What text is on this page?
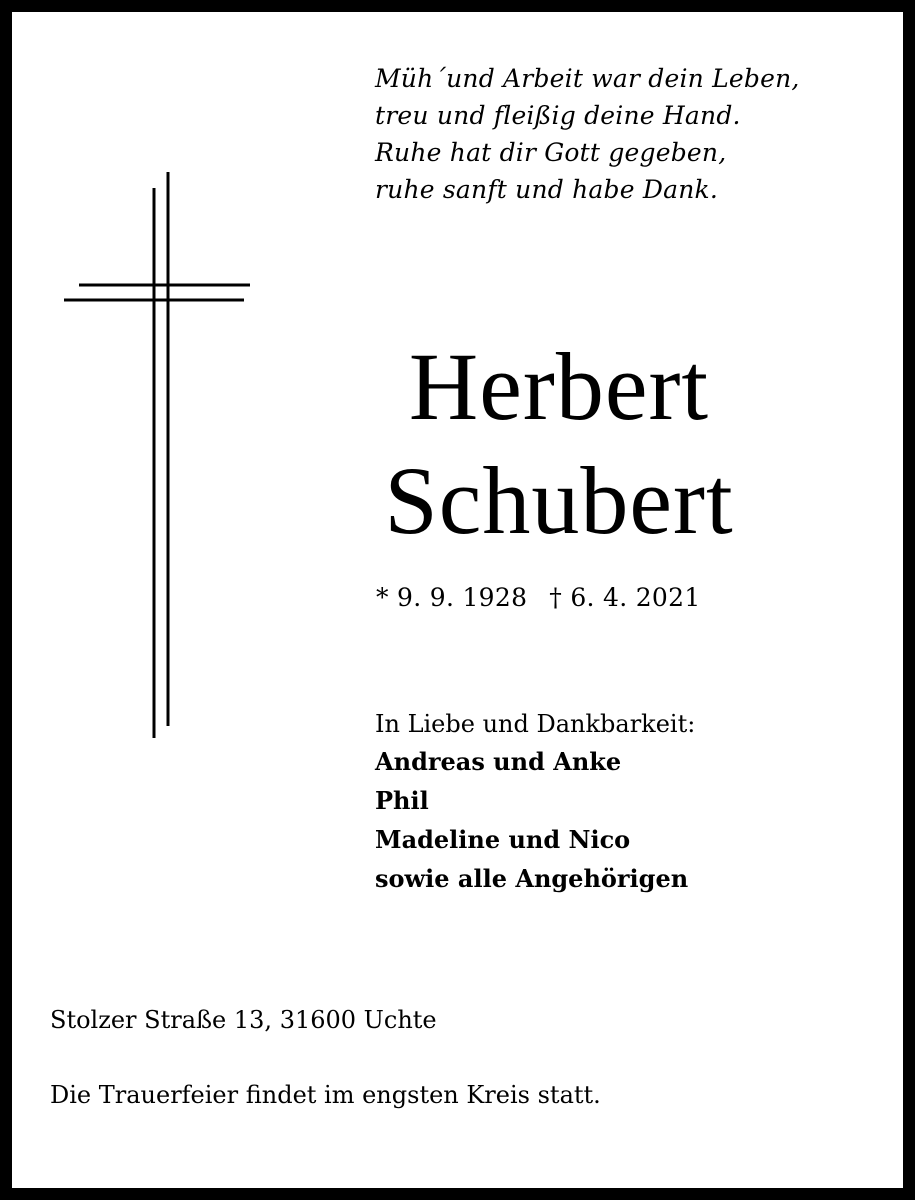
Müh´und Arbeit war dein Leben,
treu und fleißig deine Hand.
Ruhe hat dir Gott gegeben,
ruhe sanft und habe Dank.

Herbert
Schubert
* 9. 9. 1928 † 6. 4. 2021
In Liebe und Dankbarkeit:
Andreas und Anke
Phil
Madeline und Nico
sowie alle Angehörigen
Stolzer Straße 13, 31600 Uchte
Die Trauerfeier findet im engsten Kreis statt.
